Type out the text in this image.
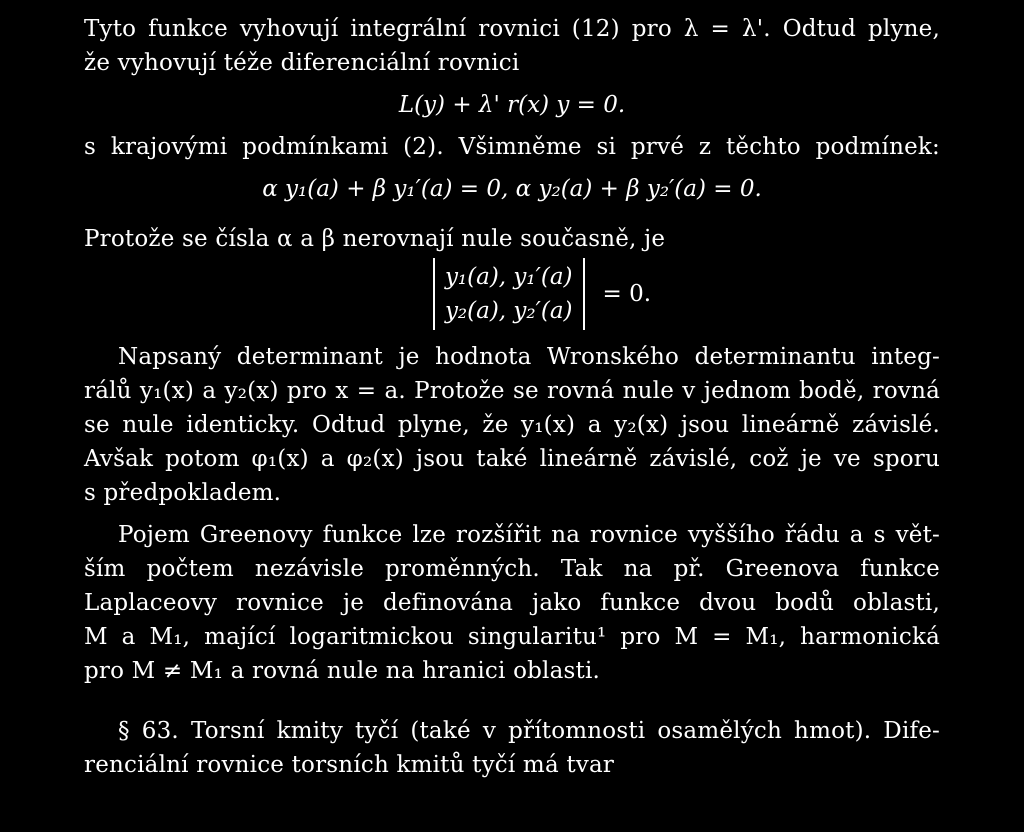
Tyto funkce vyhovují integrální rovnici (12) pro λ = λ'. Odtud plyne,
že vyhovují téže diferenciální rovnici
L(y) + λ' r(x) y = 0.
s krajovými podmínkami (2). Všimněme si prvé z těchto podmínek:
α y₁(a) + β y₁′(a) = 0, α y₂(a) + β y₂′(a) = 0.
Protože se čísla α a β nerovnají nule současně, je
y₁(a), y₁′(a)
y₂(a), y₂′(a)
= 0.
Napsaný determinant je hodnota Wronského determinantu integ-
rálů y₁(x) a y₂(x) pro x = a. Protože se rovná nule v jednom bodě, rovná
se nule identicky. Odtud plyne, že y₁(x) a y₂(x) jsou lineárně závislé.
Avšak potom φ₁(x) a φ₂(x) jsou také lineárně závislé, což je ve sporu
s předpokladem.
Pojem Greenovy funkce lze rozšířit na rovnice vyššího řádu a s vět-
ším počtem nezávisle proměnných. Tak na př. Greenova funkce
Laplaceovy rovnice je definována jako funkce dvou bodů oblasti,
M a M₁, mající logaritmickou singularitu¹ pro M = M₁, harmonická
pro M ≠ M₁ a rovná nule na hranici oblasti.
§ 63. Torsní kmity tyčí (také v přítomnosti osamělých hmot). Dife-
renciální rovnice torsních kmitů tyčí má tvar
